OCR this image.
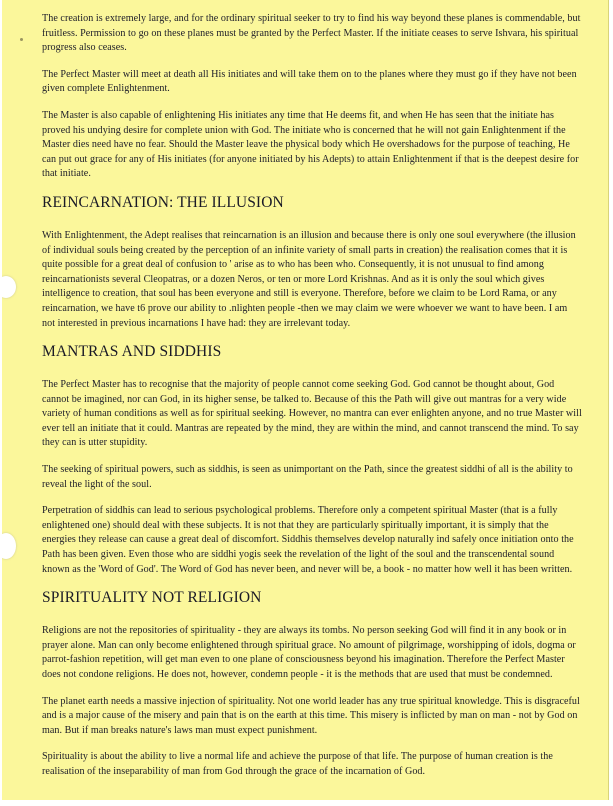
The creation is extremely large, and for the ordinary spiritual seeker to try to find his way beyond these planes is commendable, but fruitless. Permission to go on these planes must be granted by the Perfect Master. If the initiate ceases to serve Ishvara, his spiritual progress also ceases.

The Perfect Master will meet at death all His initiates and will take them on to the planes where they must go if they have not been given complete Enlightenment.

The Master is also capable of enlightening His initiates any time that He deems fit, and when He has seen that the initiate has proved his undying desire for complete union with God. The initiate who is concerned that he will not gain Enlightenment if the Master dies need have no fear. Should the Master leave the physical body which He overshadows for the purpose of teaching, He can put out grace for any of His initiates (for anyone initiated by his Adepts) to attain Enlightenment if that is the deepest desire for that initiate.

REINCARNATION: THE ILLUSION

With Enlightenment, the Adept realises that reincarnation is an illusion and because there is only one soul everywhere (the illusion of individual souls being created by the perception of an infinite variety of small parts in creation) the realisation comes that it is quite possible for a great deal of confusion to ' arise as to who has been who. Consequently, it is not unusual to find among reincarnationists several Cleopatras, or a dozen Neros, or ten or more Lord Krishnas. And as it is only the soul which gives intelligence to creation, that soul has been everyone and still is everyone. Therefore, before we claim to be Lord Rama, or any reincarnation, we have t6 prove our ability to .nlighten people -then we may claim we were whoever we want to have been. I am not interested in previous incarnations I have had: they are irrelevant today.

MANTRAS AND SIDDHIS

The Perfect Master has to recognise that the majority of people cannot come seeking God. God cannot be thought about, God cannot be imagined, nor can God, in its higher sense, be talked to. Because of this the Path will give out mantras for a very wide variety of human conditions as well as for spiritual seeking. However, no mantra can ever enlighten anyone, and no true Master will ever tell an initiate that it could. Mantras are repeated by the mind, they are within the mind, and cannot transcend the mind. To say they can is utter stupidity.

The seeking of spiritual powers, such as siddhis, is seen as unimportant on the Path, since the greatest siddhi of all is the ability to reveal the light of the soul.

Perpetration of siddhis can lead to serious psychological problems. Therefore only a competent spiritual Master (that is a fully enlightened one) should deal with these subjects. It is not that they are particularly spiritually important, it is simply that the energies they release can cause a great deal of discomfort. Siddhis themselves develop naturally ind safely once initiation onto the Path has been given. Even those who are siddhi yogis seek the revelation of the light of the soul and the transcendental sound known as the 'Word of God'. The Word of God has never been, and never will be, a book - no matter how well it has been written.

SPIRITUALITY NOT RELIGION

Religions are not the repositories of spirituality - they are always its tombs. No person seeking God will find it in any book or in prayer alone. Man can only become enlightened through spiritual grace. No amount of pilgrimage, worshipping of idols, dogma or parrot-fashion repetition, will get man even to one plane of consciousness beyond his imagination. Therefore the Perfect Master does not condone religions. He does not, however, condemn people - it is the methods that are used that must be condemned.

The planet earth needs a massive injection of spirituality. Not one world leader has any true spiritual knowledge. This is disgraceful and is a major cause of the misery and pain that is on the earth at this time. This misery is inflicted by man on man - not by God on man. But if man breaks nature's laws man must expect punishment.

Spirituality is about the ability to live a normal life and achieve the purpose of that life. The purpose of human creation is the realisation of the inseparability of man from God through the grace of the incarnation of God.
